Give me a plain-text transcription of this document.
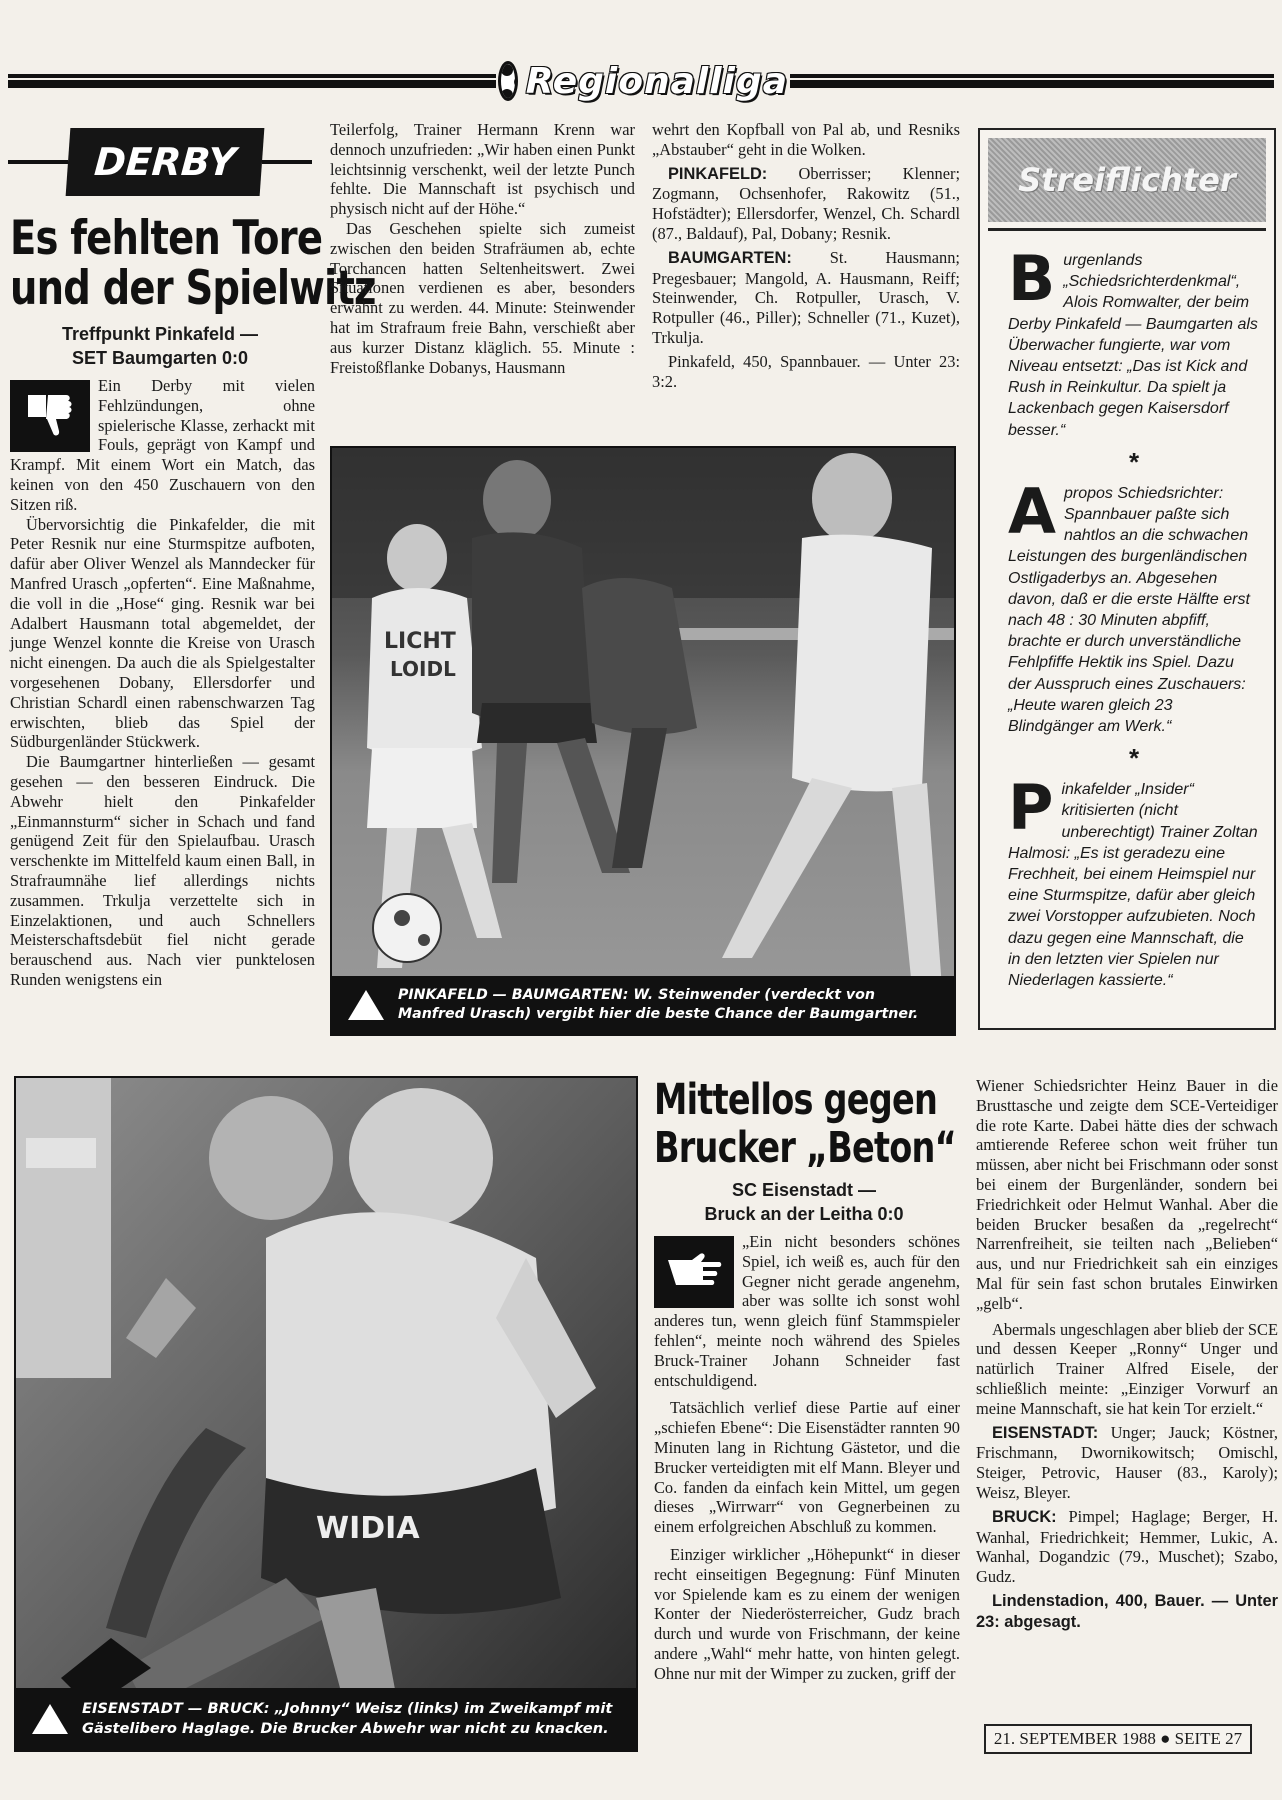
Regionalliga
DERBY
Es fehlten Tore
und der Spielwitz
Treffpunkt Pinkafeld —
SET Baumgarten 0:0

Ein Derby mit vielen Fehlzündungen, ohne spielerische Klasse, zerhackt mit Fouls, geprägt von Kampf und Krampf. Mit einem Wort ein Match, das keinen von den 450 Zuschauern von den Sitzen riß.

Übervorsichtig die Pinkafelder, die mit Peter Resnik nur eine Sturmspitze aufboten, dafür aber Oliver Wenzel als Manndecker für Manfred Urasch „opferten“. Eine Maßnahme, die voll in die „Hose“ ging. Resnik war bei Adalbert Hausmann total abgemeldet, der junge Wenzel konnte die Kreise von Urasch nicht einengen. Da auch die als Spielgestalter vorgesehenen Dobany, Ellersdorfer und Christian Schardl einen rabenschwarzen Tag erwischten, blieb das Spiel der Südburgenländer Stückwerk.

Die Baumgartner hinterließen — gesamt gesehen — den besseren Eindruck. Die Abwehr hielt den Pinkafelder „Einmannsturm“ sicher in Schach und fand genügend Zeit für den Spielaufbau. Urasch verschenkte im Mittelfeld kaum einen Ball, in Strafraumnähe lief allerdings nichts zusammen. Trkulja verzettelte sich in Einzelaktionen, und auch Schnellers Meisterschaftsdebüt fiel nicht gerade berauschend aus. Nach vier punktelosen Runden wenigstens ein

Teilerfolg, Trainer Hermann Krenn war dennoch unzufrieden: „Wir haben einen Punkt leichtsinnig verschenkt, weil der letzte Punch fehlte. Die Mannschaft ist psychisch und physisch nicht auf der Höhe.“

Das Geschehen spielte sich zumeist zwischen den beiden Strafräumen ab, echte Torchancen hatten Seltenheitswert. Zwei Situationen verdienen es aber, besonders erwähnt zu werden. 44. Minute: Steinwender hat im Strafraum freie Bahn, verschießt aber aus kurzer Distanz kläglich. 55. Minute : Freistoßflanke Dobanys, Hausmann

wehrt den Kopfball von Pal ab, und Resniks „Abstauber“ geht in die Wolken.

PINKAFELD: Oberrisser; Klenner; Zogmann, Ochsenhofer, Rakowitz (51., Hofstädter); Ellersdorfer, Wenzel, Ch. Schardl (87., Baldauf), Pal, Dobany; Resnik.

BAUMGARTEN: St. Hausmann; Pregesbauer; Mangold, A. Hausmann, Reiff; Steinwender, Ch. Rotpuller, Urasch, V. Rotpuller (46., Piller); Schneller (71., Kuzet), Trkulja.

Pinkafeld, 450, Spannbauer. — Unter 23: 3:2.

LICHT
LOIDL
PINKAFELD — BAUMGARTEN: W. Steinwender (verdeckt von Manfred Urasch) vergibt hier die beste Chance der Baumgartner.
Streiflichter
B urgenlands „Schiedsrichterdenkmal“, Alois Romwalter, der beim Derby Pinkafeld — Baumgarten als Überwacher fungierte, war vom Niveau entsetzt: „Das ist Kick and Rush in Reinkultur. Da spielt ja Lackenbach gegen Kaisersdorf besser.“
*
A propos Schiedsrichter: Spannbauer paßte sich nahtlos an die schwachen Leistungen des burgenländischen Ostligaderbys an. Abgesehen davon, daß er die erste Hälfte erst nach 48 : 30 Minuten abpfiff, brachte er durch unverständliche Fehlpfiffe Hektik ins Spiel. Dazu der Ausspruch eines Zuschauers: „Heute waren gleich 23 Blindgänger am Werk.“
*
P inkafelder „Insider“ kritisierten (nicht unberechtigt) Trainer Zoltan Halmosi: „Es ist geradezu eine Frechheit, bei einem Heimspiel nur eine Sturmspitze, dafür aber gleich zwei Vorstopper aufzubieten. Noch dazu gegen eine Mannschaft, die in den letzten vier Spielen nur Niederlagen kassierte.“
WIDIA
EISENSTADT — BRUCK: „Johnny“ Weisz (links) im Zweikampf mit Gästelibero Haglage. Die Brucker Abwehr war nicht zu knacken.
Mittellos gegen
Brucker „Beton“
SC Eisenstadt —
Bruck an der Leitha 0:0

„Ein nicht besonders schönes Spiel, ich weiß es, auch für den Gegner nicht gerade angenehm, aber was sollte ich sonst wohl anderes tun, wenn gleich fünf Stammspieler fehlen“, meinte noch während des Spieles Bruck-Trainer Johann Schneider fast entschuldigend.

Tatsächlich verlief diese Partie auf einer „schiefen Ebene“: Die Eisenstädter rannten 90 Minuten lang in Richtung Gästetor, und die Brucker verteidigten mit elf Mann. Bleyer und Co. fanden da einfach kein Mittel, um gegen dieses „Wirrwarr“ von Gegnerbeinen zu einem erfolgreichen Abschluß zu kommen.

Einziger wirklicher „Höhepunkt“ in dieser recht einseitigen Begegnung: Fünf Minuten vor Spielende kam es zu einem der wenigen Konter der Niederösterreicher, Gudz brach durch und wurde von Frischmann, der keine andere „Wahl“ mehr hatte, von hinten gelegt. Ohne nur mit der Wimper zu zucken, griff der

Wiener Schiedsrichter Heinz Bauer in die Brusttasche und zeigte dem SCE-Verteidiger die rote Karte. Dabei hätte dies der schwach amtierende Referee schon weit früher tun müssen, aber nicht bei Frischmann oder sonst bei einem der Burgenländer, sondern bei Friedrichkeit oder Helmut Wanhal. Aber die beiden Brucker besaßen da „regelrecht“ Narrenfreiheit, sie teilten nach „Belieben“ aus, und nur Friedrichkeit sah ein einziges Mal für sein fast schon brutales Einwirken „gelb“.

Abermals ungeschlagen aber blieb der SCE und dessen Keeper „Ronny“ Unger und natürlich Trainer Alfred Eisele, der schließlich meinte: „Einziger Vorwurf an meine Mannschaft, sie hat kein Tor erzielt.“

EISENSTADT: Unger; Jauck; Köstner, Frischmann, Dwornikowitsch; Omischl, Steiger, Petrovic, Hauser (83., Karoly); Weisz, Bleyer.

BRUCK: Pimpel; Haglage; Berger, H. Wanhal, Friedrichkeit; Hemmer, Lukic, A. Wanhal, Dogandzic (79., Muschet); Szabo, Gudz.

Lindenstadion, 400, Bauer. — Unter 23: abgesagt.

21. SEPTEMBER 1988 ● SEITE 27
